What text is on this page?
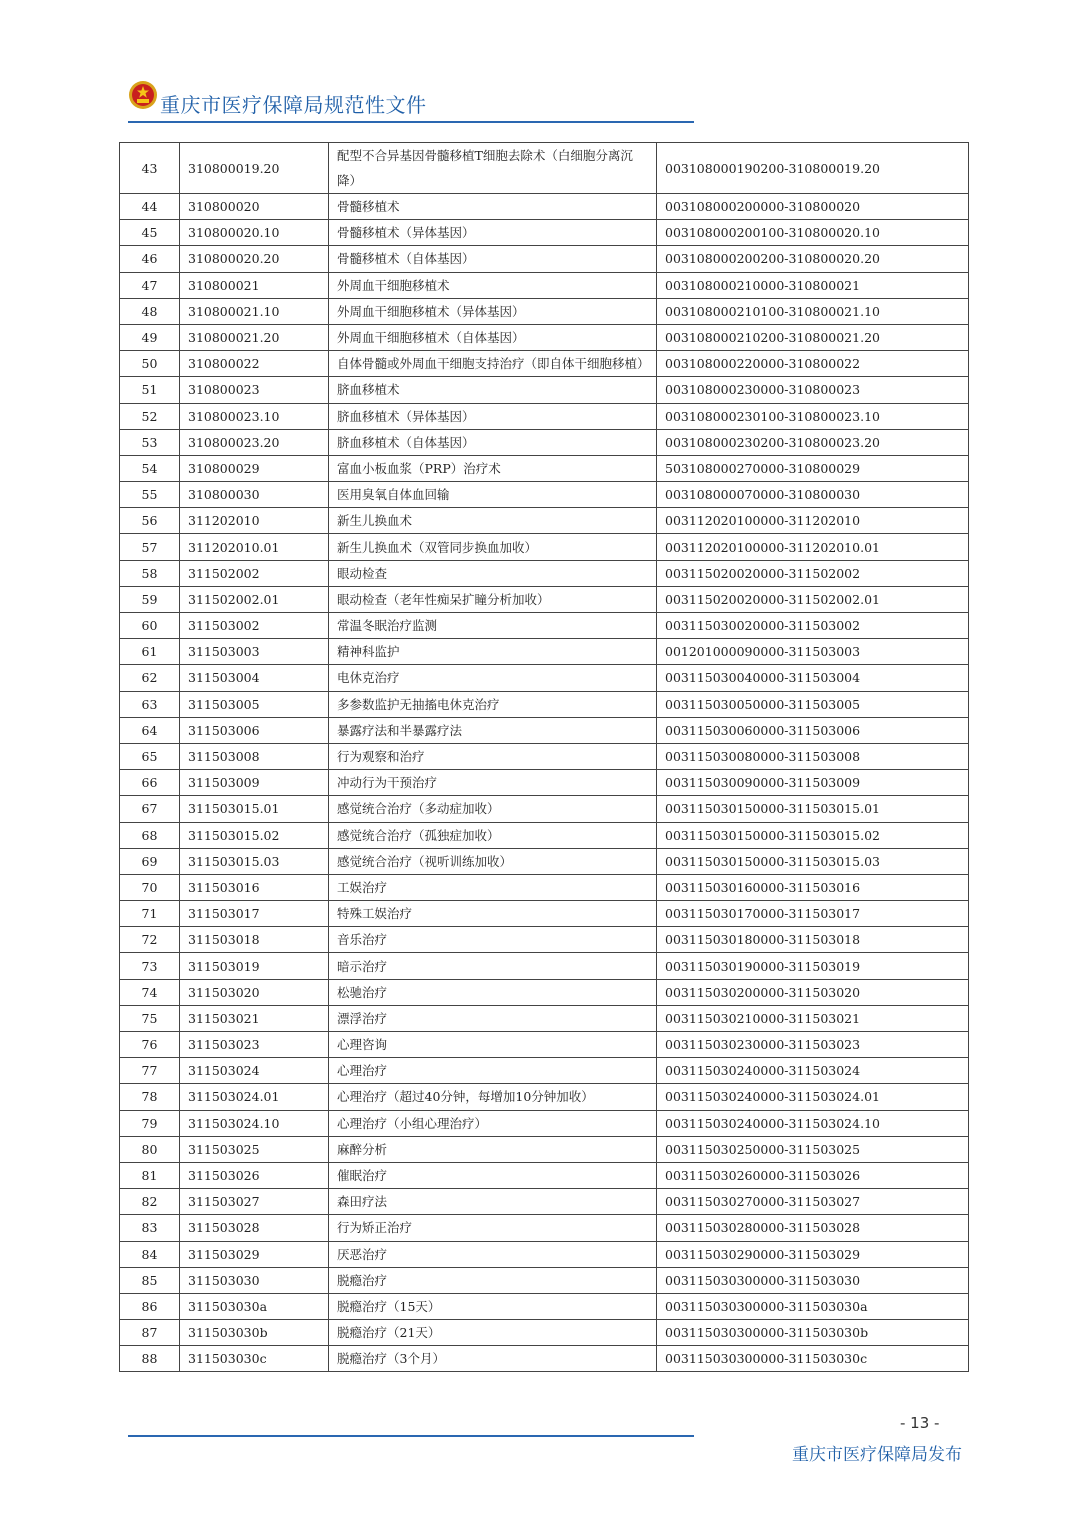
重庆市医疗保障局规范性文件
43	310800019.20	配型不合异基因骨髓移植T细胞去除术（白细胞分离沉降）	003108000190200-310800019.20
44	310800020	骨髓移植术	003108000200000-310800020
45	310800020.10	骨髓移植术（异体基因）	003108000200100-310800020.10
46	310800020.20	骨髓移植术（自体基因）	003108000200200-310800020.20
47	310800021	外周血干细胞移植术	003108000210000-310800021
48	310800021.10	外周血干细胞移植术（异体基因）	003108000210100-310800021.10
49	310800021.20	外周血干细胞移植术（自体基因）	003108000210200-310800021.20
50	310800022	自体骨髓或外周血干细胞支持治疗（即自体干细胞移植）	003108000220000-310800022
51	310800023	脐血移植术	003108000230000-310800023
52	310800023.10	脐血移植术（异体基因）	003108000230100-310800023.10
53	310800023.20	脐血移植术（自体基因）	003108000230200-310800023.20
54	310800029	富血小板血浆（PRP）治疗术	503108000270000-310800029
55	310800030	医用臭氧自体血回输	003108000070000-310800030
56	311202010	新生儿换血术	003112020100000-311202010
57	311202010.01	新生儿换血术（双管同步换血加收）	003112020100000-311202010.01
58	311502002	眼动检查	003115020020000-311502002
59	311502002.01	眼动检查（老年性痴呆扩瞳分析加收）	003115020020000-311502002.01
60	311503002	常温冬眠治疗监测	003115030020000-311503002
61	311503003	精神科监护	001201000090000-311503003
62	311503004	电休克治疗	003115030040000-311503004
63	311503005	多参数监护无抽搐电休克治疗	003115030050000-311503005
64	311503006	暴露疗法和半暴露疗法	003115030060000-311503006
65	311503008	行为观察和治疗	003115030080000-311503008
66	311503009	冲动行为干预治疗	003115030090000-311503009
67	311503015.01	感觉统合治疗（多动症加收）	003115030150000-311503015.01
68	311503015.02	感觉统合治疗（孤独症加收）	003115030150000-311503015.02
69	311503015.03	感觉统合治疗（视听训练加收）	003115030150000-311503015.03
70	311503016	工娱治疗	003115030160000-311503016
71	311503017	特殊工娱治疗	003115030170000-311503017
72	311503018	音乐治疗	003115030180000-311503018
73	311503019	暗示治疗	003115030190000-311503019
74	311503020	松驰治疗	003115030200000-311503020
75	311503021	漂浮治疗	003115030210000-311503021
76	311503023	心理咨询	003115030230000-311503023
77	311503024	心理治疗	003115030240000-311503024
78	311503024.01	心理治疗（超过40分钟，每增加10分钟加收）	003115030240000-311503024.01
79	311503024.10	心理治疗（小组心理治疗）	003115030240000-311503024.10
80	311503025	麻醉分析	003115030250000-311503025
81	311503026	催眠治疗	003115030260000-311503026
82	311503027	森田疗法	003115030270000-311503027
83	311503028	行为矫正治疗	003115030280000-311503028
84	311503029	厌恶治疗	003115030290000-311503029
85	311503030	脱瘾治疗	003115030300000-311503030
86	311503030a	脱瘾治疗（15天）	003115030300000-311503030a
87	311503030b	脱瘾治疗（21天）	003115030300000-311503030b
88	311503030c	脱瘾治疗（3个月）	003115030300000-311503030c
- 13 -
重庆市医疗保障局发布
